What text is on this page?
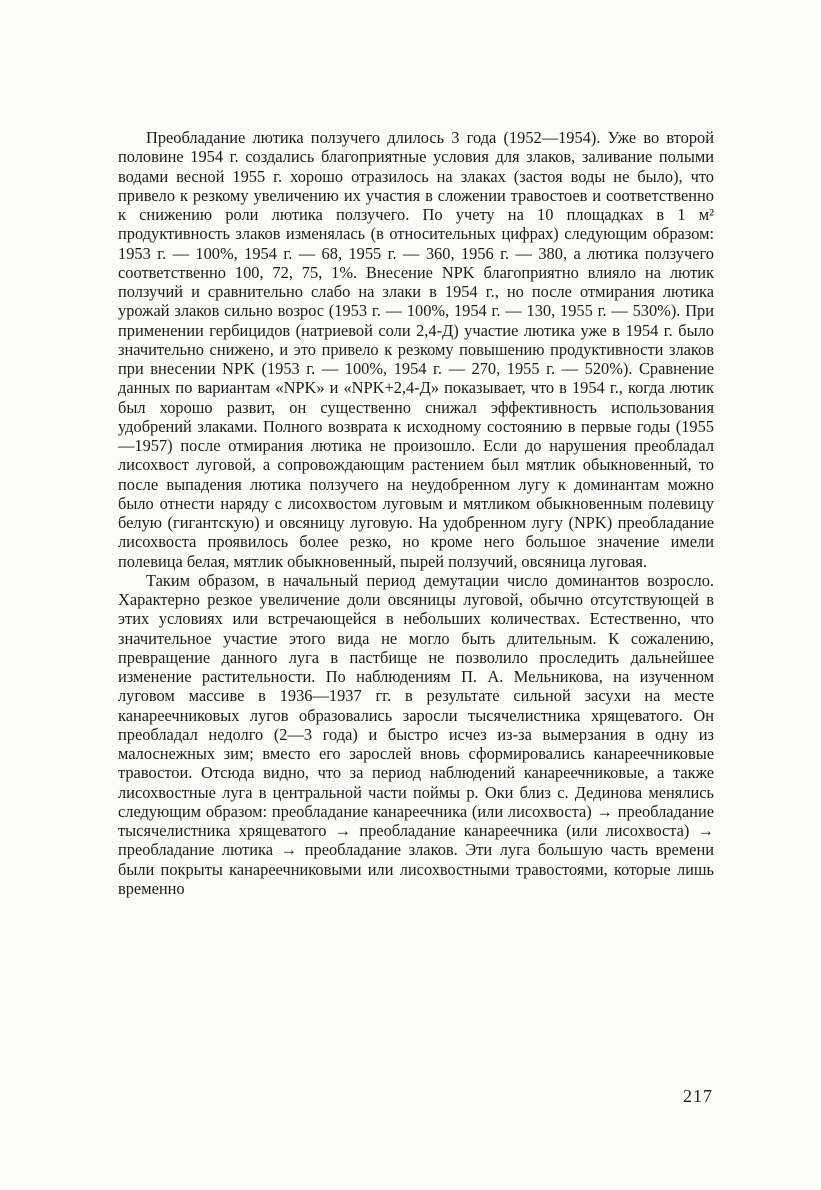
Преобладание лютика ползучего длилось 3 года (1952—1954). Уже во второй половине 1954 г. создались благоприятные условия для злаков, заливание полыми водами весной 1955 г. хорошо отразилось на злаках (застоя воды не было), что привело к резкому увеличению их участия в сложении травостоев и соответственно к снижению роли лютика ползучего. По учету на 10 площадках в 1 м² продуктивность злаков изменялась (в относительных цифрах) следующим образом: 1953 г. — 100%, 1954 г. — 68, 1955 г. — 360, 1956 г. — 380, а лютика ползучего соответственно 100, 72, 75, 1%. Внесение NPK благоприятно влияло на лютик ползучий и сравнительно слабо на злаки в 1954 г., но после отмирания лютика урожай злаков сильно возрос (1953 г. — 100%, 1954 г. — 130, 1955 г. — 530%). При применении гербицидов (натриевой соли 2,4-Д) участие лютика уже в 1954 г. было значительно снижено, и это привело к резкому повышению продуктивности злаков при внесении NPK (1953 г. — 100%, 1954 г. — 270, 1955 г. — 520%). Сравнение данных по вариантам «NPK» и «NPK+2,4-Д» показывает, что в 1954 г., когда лютик был хорошо развит, он существенно снижал эффективность использования удобрений злаками. Полного возврата к исходному состоянию в первые годы (1955—1957) после отмирания лютика не произошло. Если до нарушения преобладал лисохвост луговой, а сопровождающим растением был мятлик обыкновенный, то после выпадения лютика ползучего на неудобренном лугу к доминантам можно было отнести наряду с лисохвостом луговым и мятликом обыкновенным полевицу белую (гигантскую) и овсяницу луговую. На удобренном лугу (NPK) преобладание лисохвоста проявилось более резко, но кроме него большое значение имели полевица белая, мятлик обыкновенный, пырей ползучий, овсяница луговая.

Таким образом, в начальный период демутации число доминантов возросло. Характерно резкое увеличение доли овсяницы луговой, обычно отсутствующей в этих условиях или встречающейся в небольших количествах. Естественно, что значительное участие этого вида не могло быть длительным. К сожалению, превращение данного луга в пастбище не позволило проследить дальнейшее изменение растительности. По наблюдениям П. А. Мельникова, на изученном луговом массиве в 1936—1937 гг. в результате сильной засухи на месте канареечниковых лугов образовались заросли тысячелистника хрящеватого. Он преобладал недолго (2—3 года) и быстро исчез из-за вымерзания в одну из малоснежных зим; вместо его зарослей вновь сформировались канареечниковые травостои. Отсюда видно, что за период наблюдений канареечниковые, а также лисохвостные луга в центральной части поймы р. Оки близ с. Дединова менялись следующим образом: преобладание канареечника (или лисохвоста) → преобладание тысячелистника хрящеватого → преобладание канареечника (или лисохвоста) → преобладание лютика → преобладание злаков. Эти луга большую часть времени были покрыты канареечниковыми или лисохвостными травостоями, которые лишь временно

217
